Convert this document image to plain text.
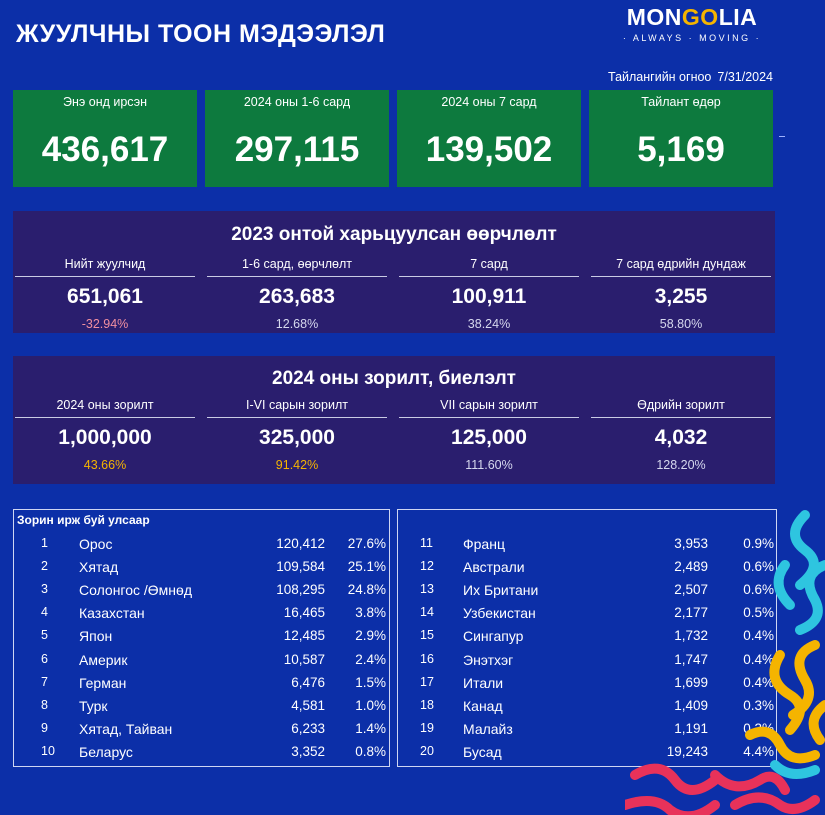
ЖУУЛЧНЫ ТООН МЭДЭЭЛЭЛ
MONGOLIA
· ALWAYS · MOVING ·
Тайлангийн огноо 7/31/2024
Энэ онд ирсэн
436,617
2024 оны 1-6 сард
297,115
2024 оны 7 сард
139,502
Тайлант өдөр
5,169
2023 онтой харьцуулсан өөрчлөлт
Нийт жуулчид
651,061
-32.94%
1-6 сард, өөрчлөлт
263,683
12.68%
7 сард
100,911
38.24%
7 сард өдрийн дундаж
3,255
58.80%
2024 оны зорилт, биелэлт
2024 оны зорилт
1,000,000
43.66%
I-VI сарын зорилт
325,000
91.42%
VII сарын зорилт
125,000
111.60%
Өдрийн зорилт
4,032
128.20%
Зорин ирж буй улсаар
1 Орос	120,412	27.6%
2 Хятад	109,584	25.1%
3 Солонгос /Өмнөд	108,295	24.8%
4 Казахстан	16,465	3.8%
5 Япон	12,485	2.9%
6 Америк	10,587	2.4%
7 Герман	6,476	1.5%
8 Турк	4,581	1.0%
9 Хятад, Тайван	6,233	1.4%
10 Беларус	3,352	0.8%
11 Франц	3,953	0.9%
12 Австрали	2,489	0.6%
13 Их Британи	2,507	0.6%
14 Узбекистан	2,177	0.5%
15 Сингапур	1,732	0.4%
16 Энэтхэг	1,747	0.4%
17 Итали	1,699	0.4%
18 Канад	1,409	0.3%
19 Малайз	1,191	0.3%
20 Бусад	19,243	4.4%
